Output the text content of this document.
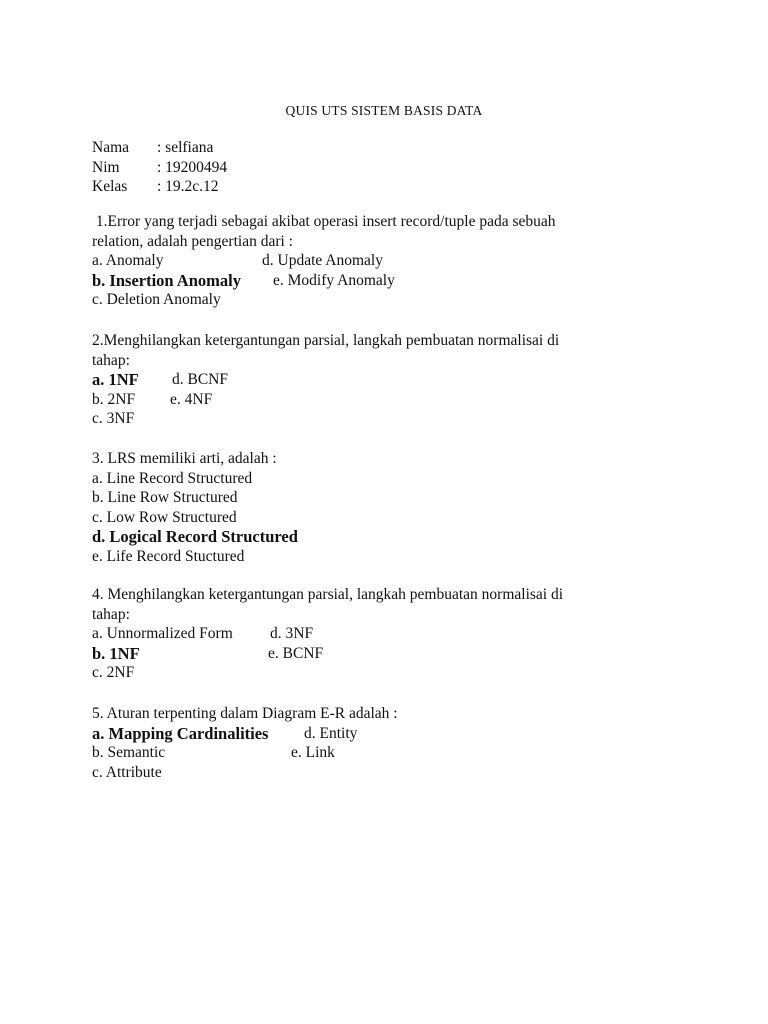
QUIS UTS SISTEM BASIS DATA
Nama : selfiana
Nim : 19200494
Kelas : 19.2c.12
1.Error yang terjadi sebagai akibat operasi insert record/tuple pada sebuah
relation, adalah pengertian dari :
a. Anomaly	d. Update Anomaly
b. Insertion Anomaly e. Modify Anomaly
c. Deletion Anomaly
2.Menghilangkan ketergantungan parsial, langkah pembuatan normalisai di
tahap:
a. 1NF d. BCNF
b. 2NF e. 4NF
c. 3NF
3. LRS memiliki arti, adalah :
a. Line Record Structured
b. Line Row Structured
c. Low Row Structured
d. Logical Record Structured
e. Life Record Stuctured
4. Menghilangkan ketergantungan parsial, langkah pembuatan normalisai di
tahap:
a. Unnormalized Form d. 3NF
b. 1NF	e. BCNF
c. 2NF
5. Aturan terpenting dalam Diagram E-R adalah :
a. Mapping Cardinalities d. Entity
b. Semantic	e. Link
c. Attribute
